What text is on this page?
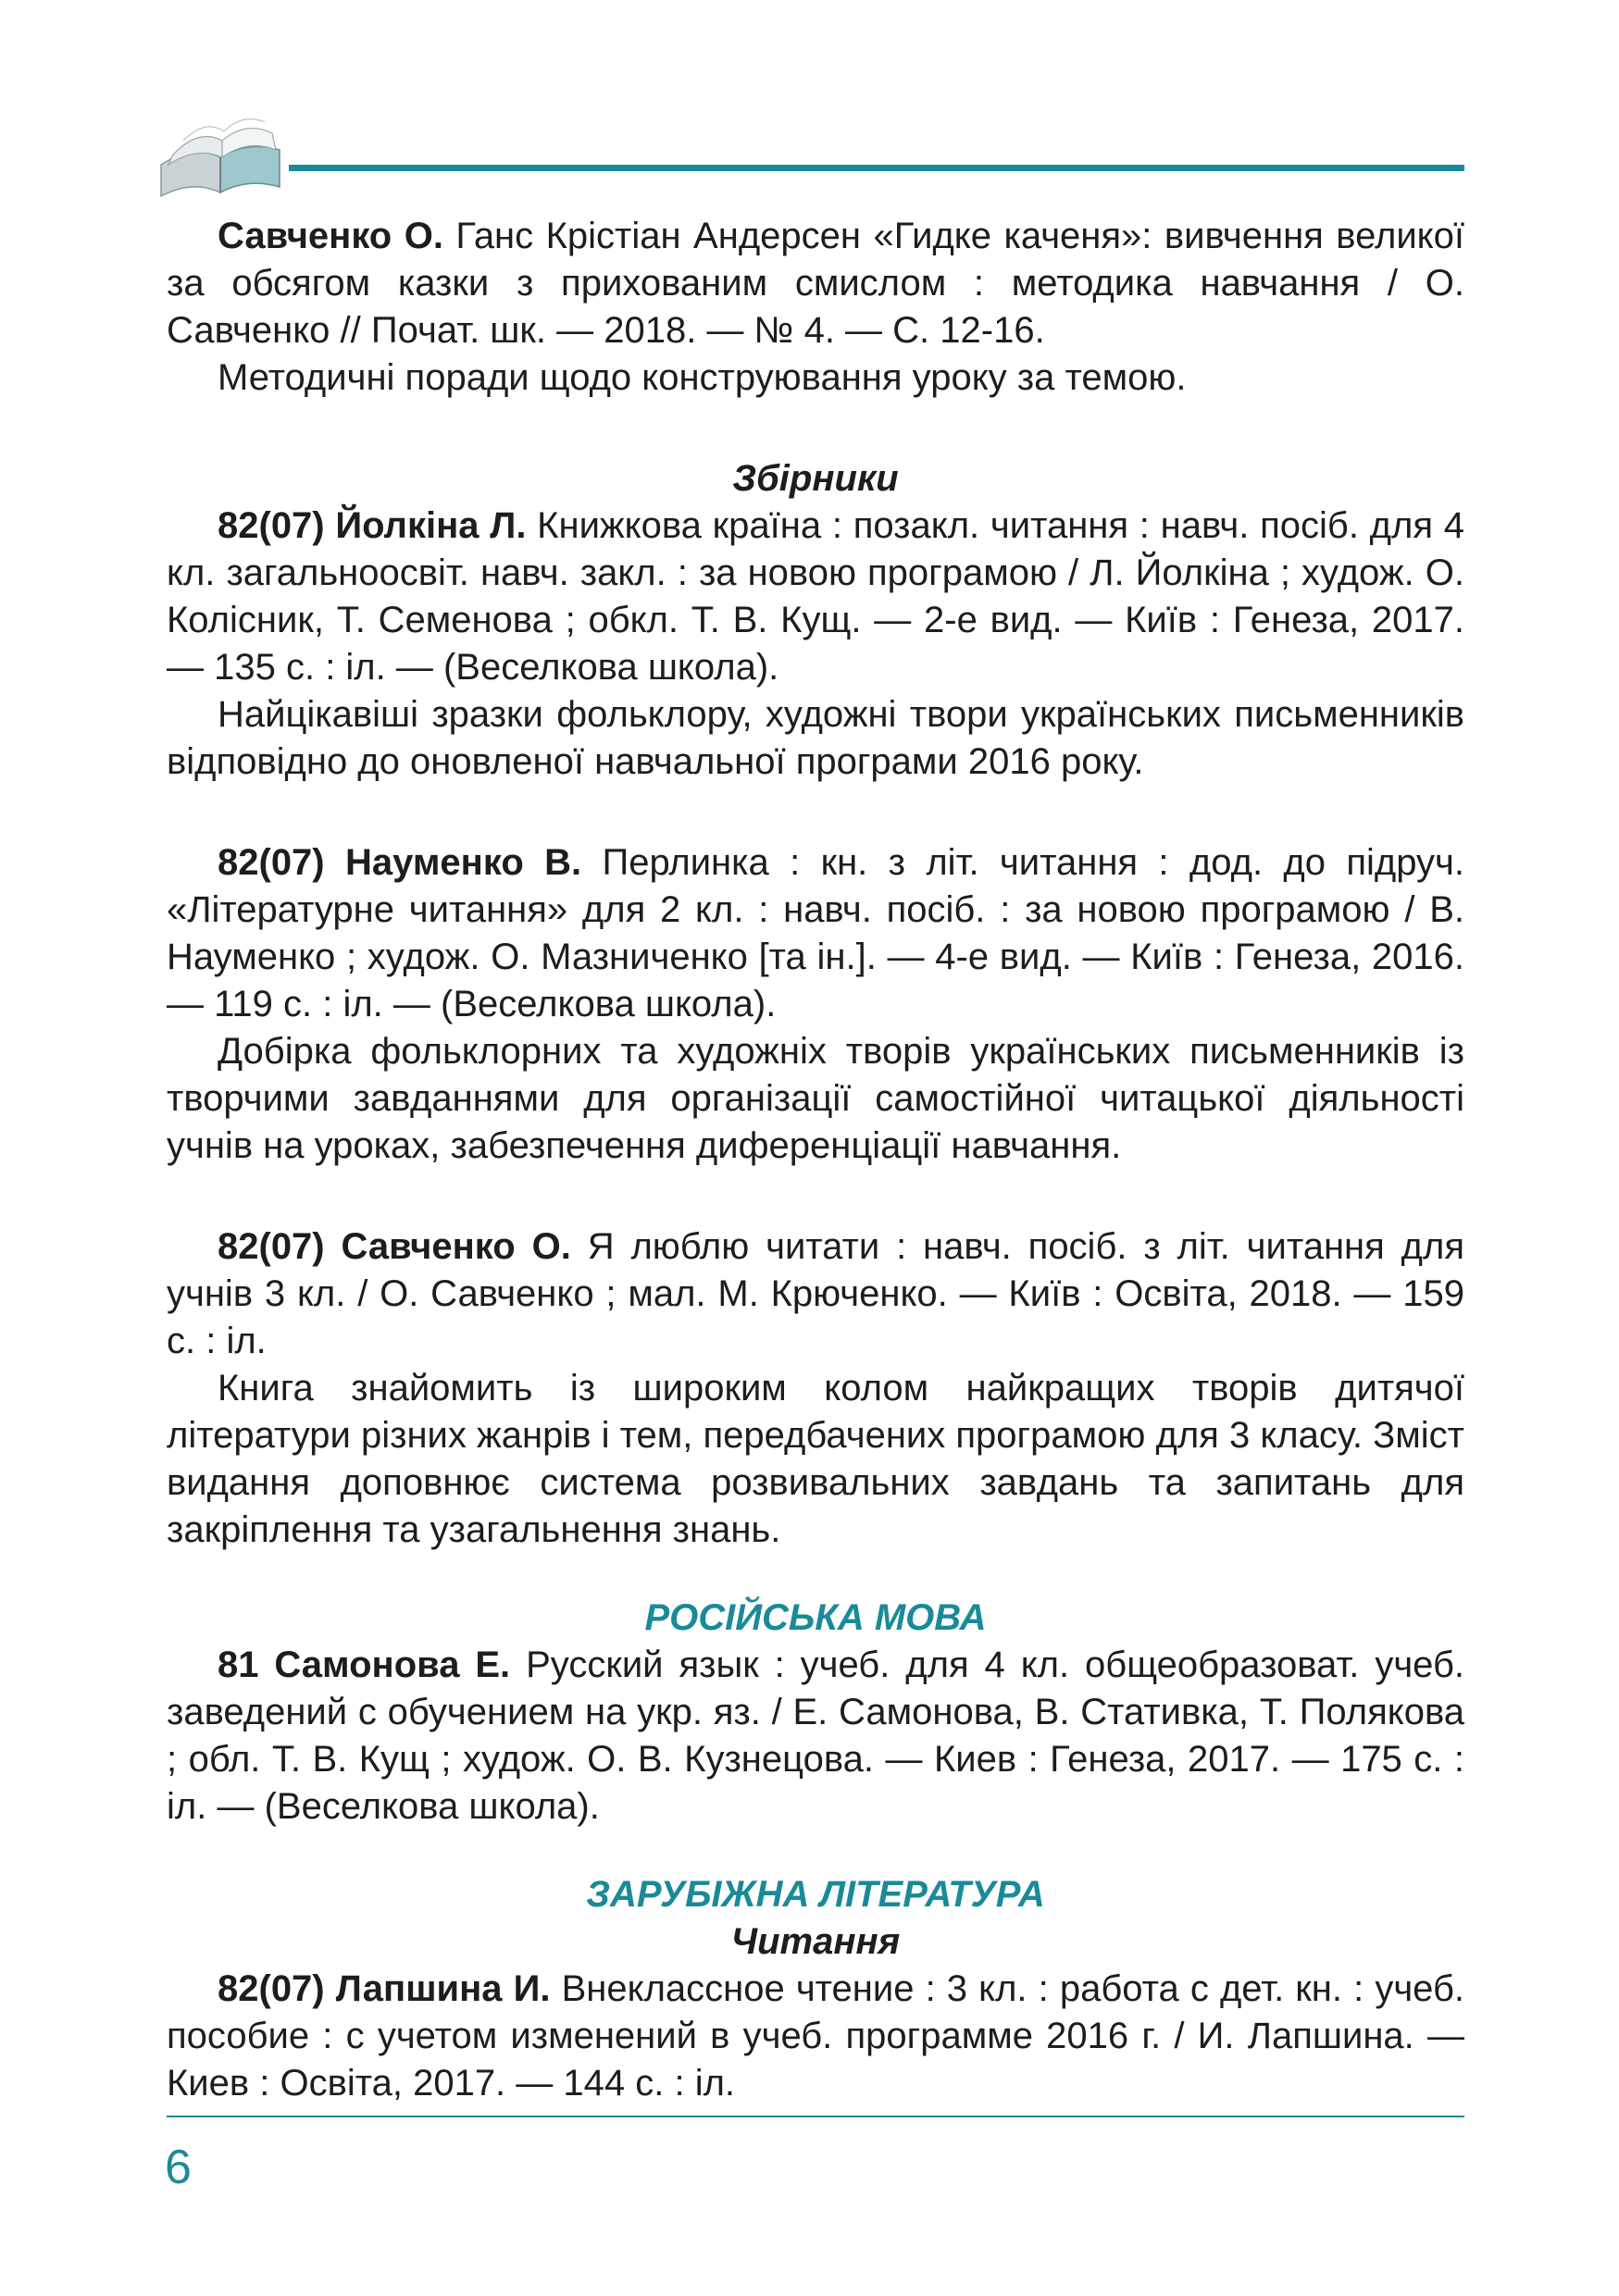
Савченко О. Ганс Крістіан Андерсен «Гидке каченя»: вивчення великої за обсягом казки з прихованим смислом : методика навчання / О. Савченко // Почат. шк. — 2018. — № 4. — С. 12-16.

Методичні поради щодо конструювання уроку за темою.

Збірники

82(07) Йолкіна Л. Книжкова країна : позакл. читання : навч. посіб. для 4 кл. загальноосвіт. навч. закл. : за новою програмою / Л. Йолкіна ; худож. О. Колісник, Т. Семенова ; обкл. Т. В. Кущ. — 2-е вид. — Київ : Генеза, 2017. — 135 с. : іл. — (Веселкова школа).

Найцікавіші зразки фольклору, художні твори українських письменників відповідно до оновленої навчальної програми 2016 року.

82(07) Науменко В. Перлинка : кн. з літ. читання : дод. до підруч. «Літературне читання» для 2 кл. : навч. посіб. : за новою програмою / В. Науменко ; худож. О. Мазниченко [та ін.]. — 4-е вид. — Київ : Генеза, 2016. — 119 с. : іл. — (Веселкова школа).

Добірка фольклорних та художніх творів українських письменників із творчими завданнями для організації самостійної читацької діяльності учнів на уроках, забезпечення диференціації навчання.

82(07) Савченко О. Я люблю читати : навч. посіб. з літ. читання для учнів 3 кл. / О. Савченко ; мал. М. Крюченко. — Київ : Освіта, 2018. — 159 с. : іл.

Книга знайомить із широким колом найкращих творів дитячої літератури різних жанрів і тем, передбачених програмою для 3 класу. Зміст видання доповнює система розвивальних завдань та запитань для закріплення та узагальнення знань.

РОСІЙСЬКА МОВА

81 Самонова Е. Русский язык : учеб. для 4 кл. общеобразоват. учеб. заведений с обучением на укр. яз. / Е. Самонова, В. Стативка, Т. Полякова ; обл. Т. В. Кущ ; худож. О. В. Кузнецова. — Киев : Генеза, 2017. — 175 с. : іл. — (Веселкова школа).

ЗАРУБІЖНА ЛІТЕРАТУРА

Читання

82(07) Лапшина И. Внеклассное чтение : 3 кл. : работа с дет. кн. : учеб. пособие : с учетом изменений в учеб. программе 2016 г. / И. Лапшина. — Киев : Освіта, 2017. — 144 с. : іл.

6
